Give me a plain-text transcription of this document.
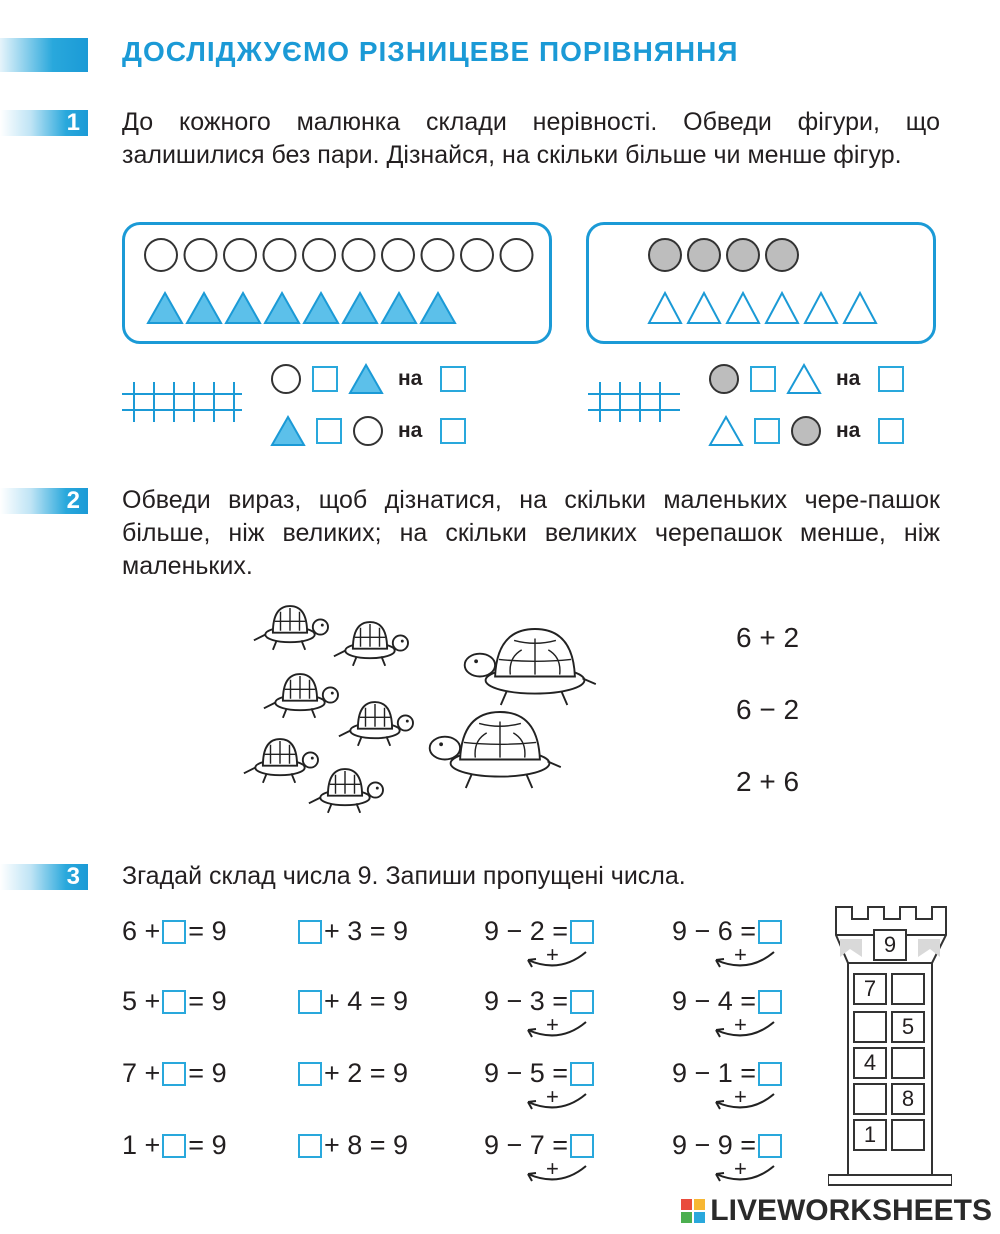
ДОСЛІДЖУЄМО РІЗНИЦЕВЕ ПОРІВНЯННЯ
1 До кожного малюнка склади нерівності. Обведи фігури, що залишилися без пари. Дізнайся, на скільки більше чи менше фігур.
на
на
на
на
2 Обведи вираз, щоб дізнатися, на скільки маленьких чере-пашок більше, ніж великих; на скільки великих черепашок менше, ніж маленьких.
6 + 2
6 − 2
2 + 6
3 Згадай склад числа 9. Запиши пропущені числа.
6 + = 9	+ 3 = 9	9 − 2 =	9 − 6 =
+	+
5 + = 9	+ 4 = 9	9 − 3 =	9 − 4 =
+	+
7 + = 9	+ 2 = 9	9 − 5 =	9 − 1 =
+	+
1 + = 9	+ 8 = 9	9 − 7 =	9 − 9 =
+	+
9
7
5
4
8
1
LIVEWORKSHEETS
